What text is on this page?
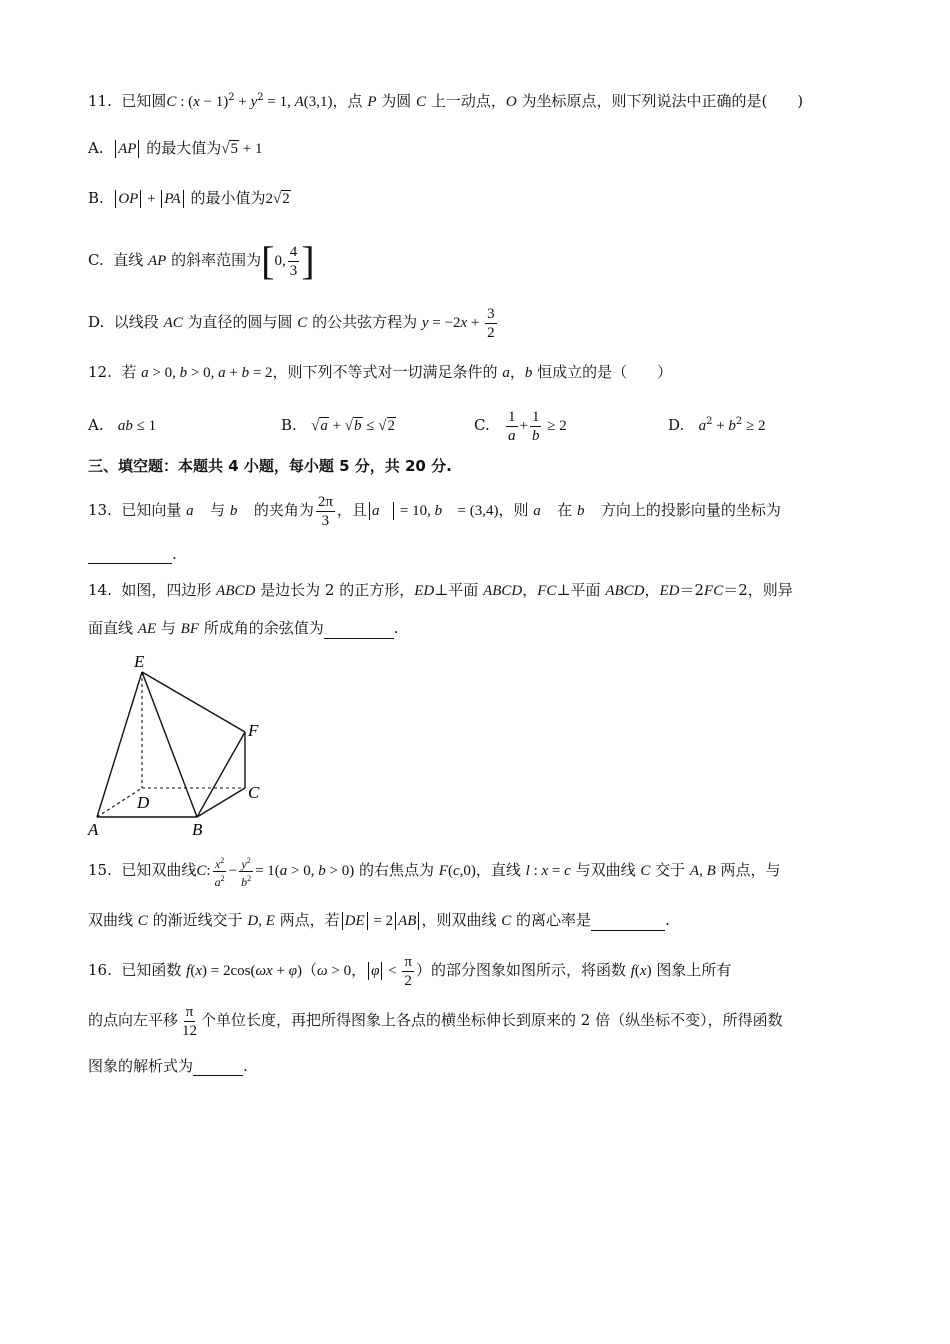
11.  已知圆C : $(x - 1)^2 + y^2 = 1$, A(3,1)，点 P 为圆 C 上一动点，O 为坐标原点，则下列说法中正确的是(　　)
A.  AP 的最大值为√5 + 1
B.  OP + PA 的最小值为2√2
C.  直线 AP 的斜率范围为[0, $\frac{4}{3}$ ]
D.  以线段 AC 为直径的圆与圆 C 的公共弦方程为 $y = -2x + \frac{3}{2}$
12.  若 a > 0, b > 0, a + b = 2，则下列不等式对一切满足条件的 a，b 恒成立的是（　　）
A.   ab ≤ 1	B.   √a + √b ≤ √2	C. $\frac{1}{a} + \frac{1}{b} \ge 2$	D.   $a^2 + b^2 \ge 2$
三、填空题：本题共 4 小题，每小题 5 分，共 20 分.
13.  已知向量 a⃗ 与 b⃗ 的夹角为 $\frac{2\pi}{3}$ ，且 a⃗ = 10, b⃗ = (3,4)，则 a⃗ 在 b⃗ 方向上的投影向量的坐标为
.
14.  如图，四边形 ABCD 是边长为 2 的正方形，ED⊥平面 ABCD，FC⊥平面 ABCD，ED＝2FC＝2，则异
面直线 AE 与 BF 所成角的余弦值为	.
E
F
D
C
A	B
15.  已知双曲线C: $\frac{x^2}{a^2} - \frac{y^2}{b^2} = 1(a > 0$, b > 0) 的右焦点为 F(c,0)，直线 l : x = c 与双曲线 C 交于 A, B 两点，与
双曲线 C 的渐近线交于 D, E 两点，若 DE = 2 AB ，则双曲线 C 的离心率是	.
16.  已知函数 f(x) = 2cos(ωx + φ)（ω > 0， $\varphi < \frac{\pi}{2}$ ）的部分图象如图所示，将函数 f(x) 图象上所有
的点向左平移 $\frac{\pi}{12}$ 个单位长度，再把所得图象上各点的横坐标伸长到原来的 2 倍（纵坐标不变），所得函数
图象的解析式为	.
